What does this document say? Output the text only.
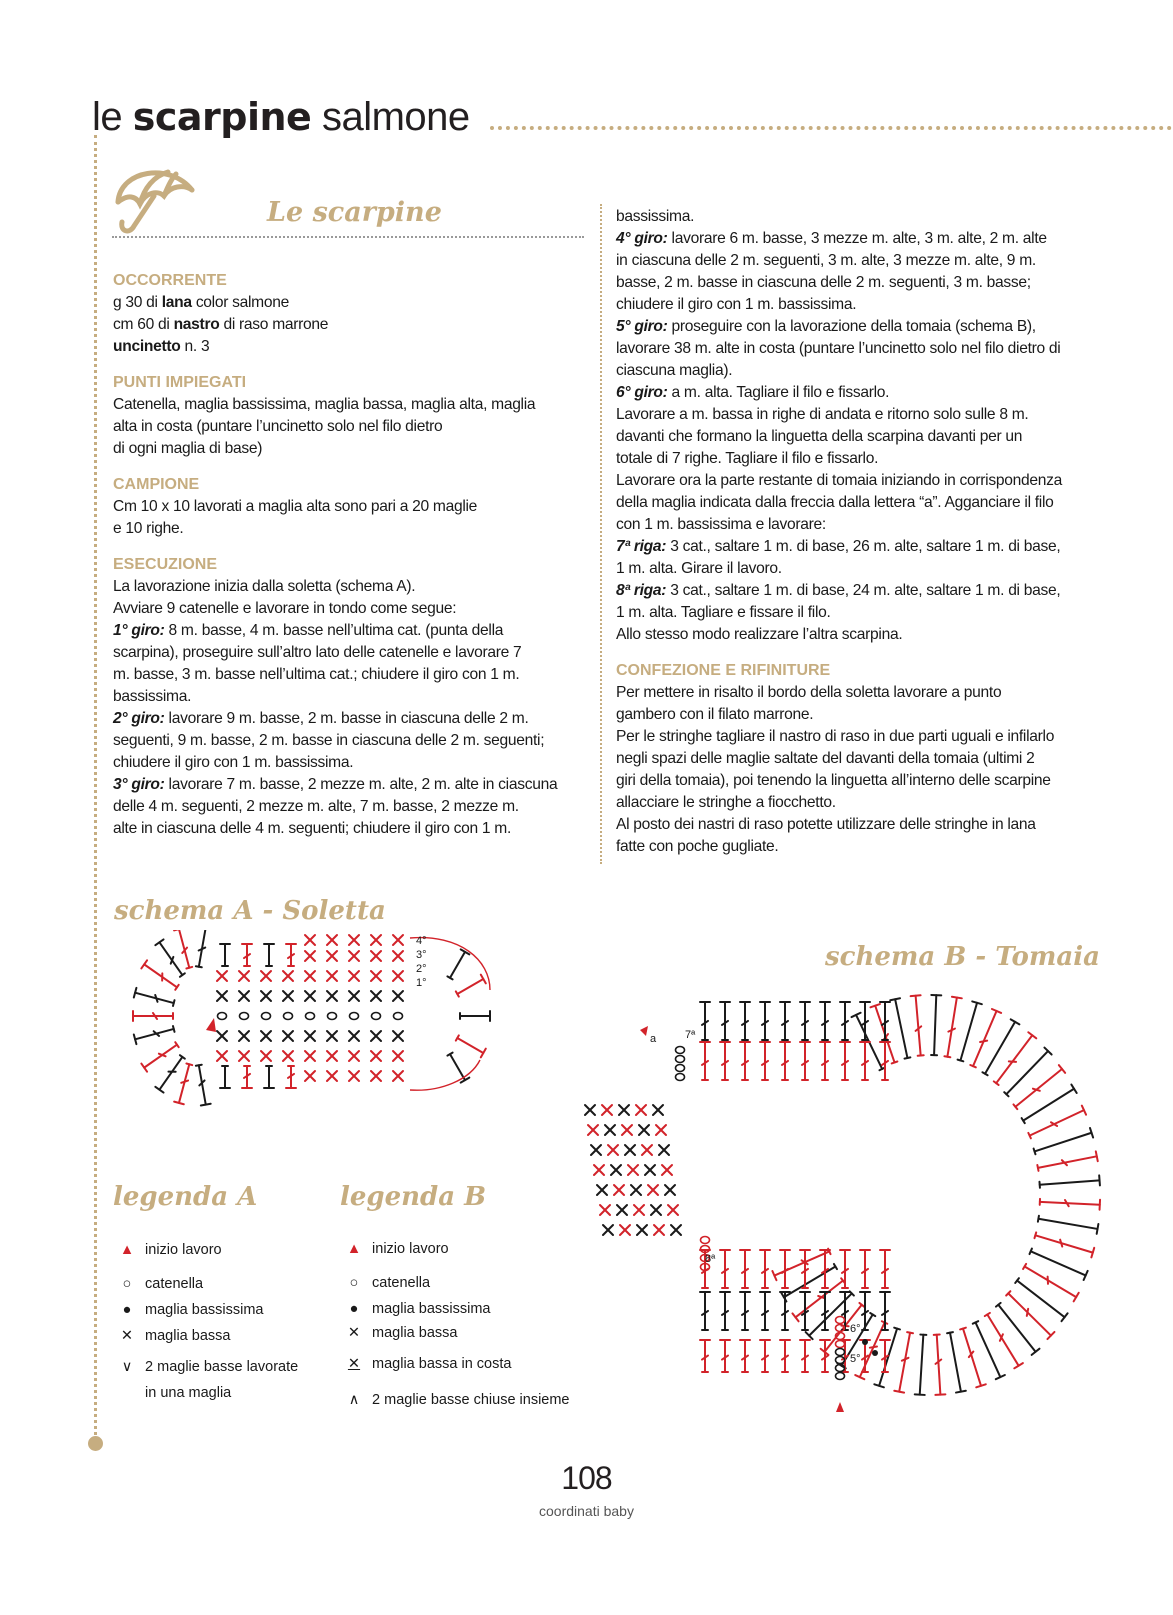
le scarpine salmone
Le scarpine

OCCORRENTE

g 30 di lana color salmone

cm 60 di nastro di raso marrone

uncinetto n. 3

PUNTI IMPIEGATI

Catenella, maglia bassissima, maglia bassa, maglia alta, maglia

alta in costa (puntare l’uncinetto solo nel filo dietro

di ogni maglia di base)

CAMPIONE

Cm 10 x 10 lavorati a maglia alta sono pari a 20 maglie

e 10 righe.

ESECUZIONE

La lavorazione inizia dalla soletta (schema A).

Avviare 9 catenelle e lavorare in tondo come segue:

1° giro: 8 m. basse, 4 m. basse nell’ultima cat. (punta della

scarpina), proseguire sull’altro lato delle catenelle e lavorare 7

m. basse, 3 m. basse nell’ultima cat.; chiudere il giro con 1 m.

bassissima.

2° giro: lavorare 9 m. basse, 2 m. basse in ciascuna delle 2 m.

seguenti, 9 m. basse, 2 m. basse in ciascuna delle 2 m. seguenti;

chiudere il giro con 1 m. bassissima.

3° giro: lavorare 7 m. basse, 2 mezze m. alte, 2 m. alte in ciascuna

delle 4 m. seguenti, 2 mezze m. alte, 7 m. basse, 2 mezze m.

alte in ciascuna delle 4 m. seguenti; chiudere il giro con 1 m.

bassissima.

4° giro: lavorare 6 m. basse, 3 mezze m. alte, 3 m. alte, 2 m. alte

in ciascuna delle 2 m. seguenti, 3 m. alte, 3 mezze m. alte, 9 m.

basse, 2 m. basse in ciascuna delle 2 m. seguenti, 3 m. basse;

chiudere il giro con 1 m. bassissima.

5° giro: proseguire con la lavorazione della tomaia (schema B),

lavorare 38 m. alte in costa (puntare l’uncinetto solo nel filo dietro di

ciascuna maglia).

6° giro: a m. alta. Tagliare il filo e fissarlo.

Lavorare a m. bassa in righe di andata e ritorno solo sulle 8 m.

davanti che formano la linguetta della scarpina davanti per un

totale di 7 righe. Tagliare il filo e fissarlo.

Lavorare ora la parte restante di tomaia iniziando in corrispondenza

della maglia indicata dalla freccia dalla lettera “a”. Agganciare il filo

con 1 m. bassissima e lavorare:

7ª riga: 3 cat., saltare 1 m. di base, 26 m. alte, saltare 1 m. di base,

1 m. alta. Girare il lavoro.

8ª riga: 3 cat., saltare 1 m. di base, 24 m. alte, saltare 1 m. di base,

1 m. alta. Tagliare e fissare il filo.

Allo stesso modo realizzare l’altra scarpina.

CONFEZIONE E RIFINITURE

Per mettere in risalto il bordo della soletta lavorare a punto

gambero con il filato marrone.

Per le stringhe tagliare il nastro di raso in due parti uguali e infilarlo

negli spazi delle maglie saltate del davanti della tomaia (ultimi 2

giri della tomaia), poi tenendo la linguetta all’interno delle scarpine

allacciare le stringhe a fiocchetto.

Al posto dei nastri di raso potette utilizzare delle stringhe in lana

fatte con poche gugliate.

schema A - Soletta
4°
3°
2°
1°
schema B - Tomaia
a	7ª
8ª
6°
5°
legenda A
▲ inizio lavoro
○ catenella
● maglia bassissima
✕ maglia bassa
∨ 2 maglie basse lavorate
in una maglia
legenda B
▲ inizio lavoro
○ catenella
● maglia bassissima
✕ maglia bassa
✕ maglia bassa in costa
∧ 2 maglie basse chiuse insieme
108
coordinati baby
